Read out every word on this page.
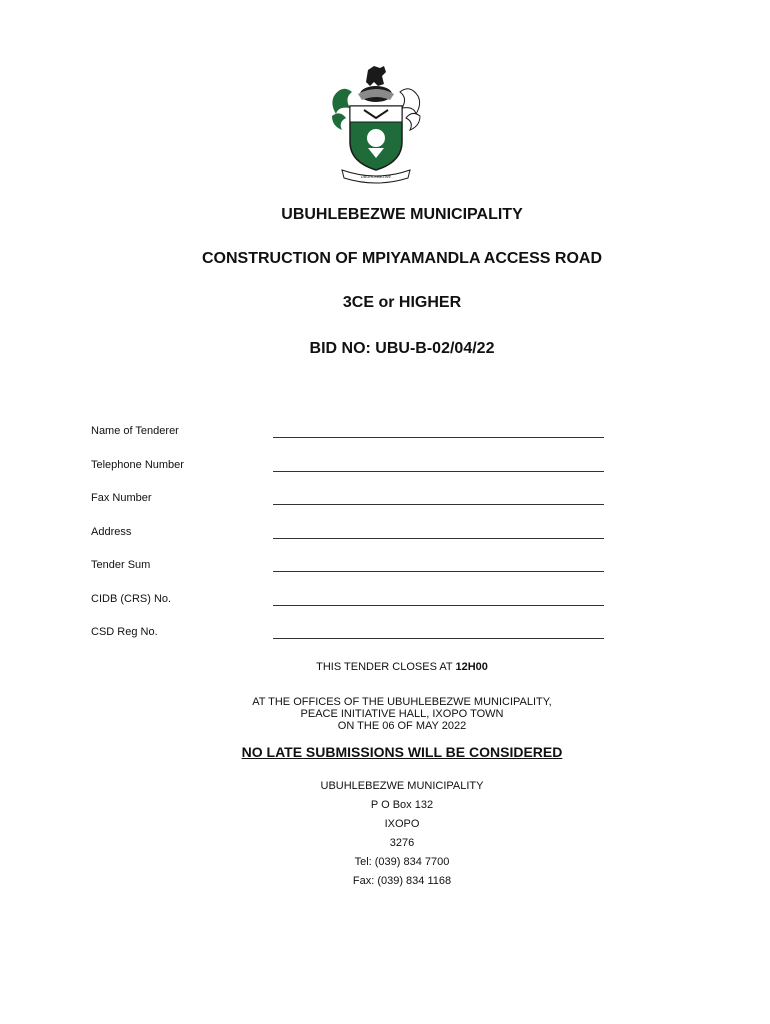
UBUHLEBEZWE
UBUHLEBEZWE MUNICIPALITY
CONSTRUCTION OF MPIYAMANDLA ACCESS ROAD
3CE or HIGHER
BID NO: UBU-B-02/04/22
Name of Tenderer
Telephone Number
Fax Number
Address
Tender Sum
CIDB (CRS) No.
CSD Reg No.

THIS TENDER CLOSES AT 12H00

AT THE OFFICES OF THE UBUHLEBEZWE MUNICIPALITY,
PEACE INITIATIVE HALL, IXOPO TOWN
ON THE 06 OF MAY 2022
NO LATE SUBMISSIONS WILL BE CONSIDERED
UBUHLEBEZWE MUNICIPALITY
P O Box 132
IXOPO
3276
Tel: (039) 834 7700
Fax: (039) 834 1168
